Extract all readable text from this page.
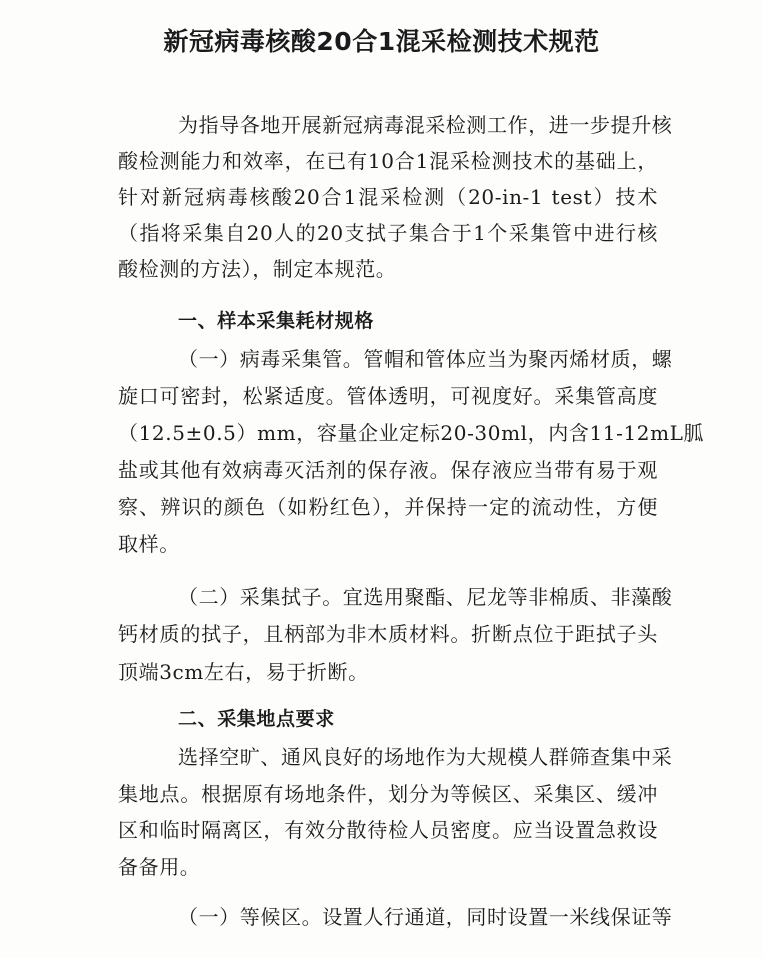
新冠病毒核酸20合1混采检测技术规范
为指导各地开展新冠病毒混采检测工作，进一步提升核
酸检测能力和效率，在已有10合1混采检测技术的基础上，
针对新冠病毒核酸20合1混采检测（20-in-1 test）技术
（指将采集自20人的20支拭子集合于1个采集管中进行核
酸检测的方法），制定本规范。
一、样本采集耗材规格
（一）病毒采集管。管帽和管体应当为聚丙烯材质，螺
旋口可密封，松紧适度。管体透明，可视度好。采集管高度
（12.5±0.5）mm，容量企业定标20-30ml，内含11-12mL胍
盐或其他有效病毒灭活剂的保存液。保存液应当带有易于观
察、辨识的颜色（如粉红色），并保持一定的流动性，方便
取样。
（二）采集拭子。宜选用聚酯、尼龙等非棉质、非藻酸
钙材质的拭子，且柄部为非木质材料。折断点位于距拭子头
顶端3cm左右，易于折断。
二、采集地点要求
选择空旷、通风良好的场地作为大规模人群筛查集中采
集地点。根据原有场地条件，划分为等候区、采集区、缓冲
区和临时隔离区，有效分散待检人员密度。应当设置急救设
备备用。
（一）等候区。设置人行通道，同时设置一米线保证等
